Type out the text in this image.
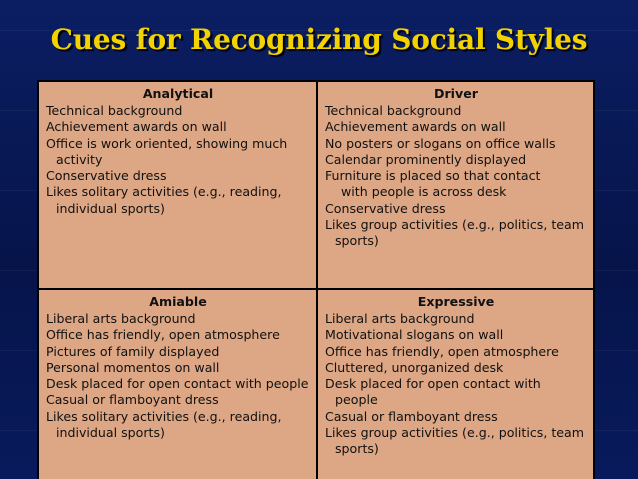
Cues for Recognizing Social Styles
Analytical
Technical background
Achievement awards on wall
Office is work oriented, showing much activity
Conservative dress
Likes solitary activities (e.g., reading, individual sports)
Driver
Technical background
Achievement awards on wall
No posters or slogans on office walls
Calendar prominently displayed
Furniture is placed so that contact with people is across desk
Conservative dress
Likes group activities (e.g., politics, team sports)
Amiable
Liberal arts background
Office has friendly, open atmosphere
Pictures of family displayed
Personal momentos on wall
Desk placed for open contact with people
Casual or flamboyant dress
Likes solitary activities (e.g., reading, individual sports)
Expressive
Liberal arts background
Motivational slogans on wall
Office has friendly, open atmosphere
Cluttered, unorganized desk
Desk placed for open contact with people
Casual or flamboyant dress
Likes group activities (e.g., politics, team sports)
